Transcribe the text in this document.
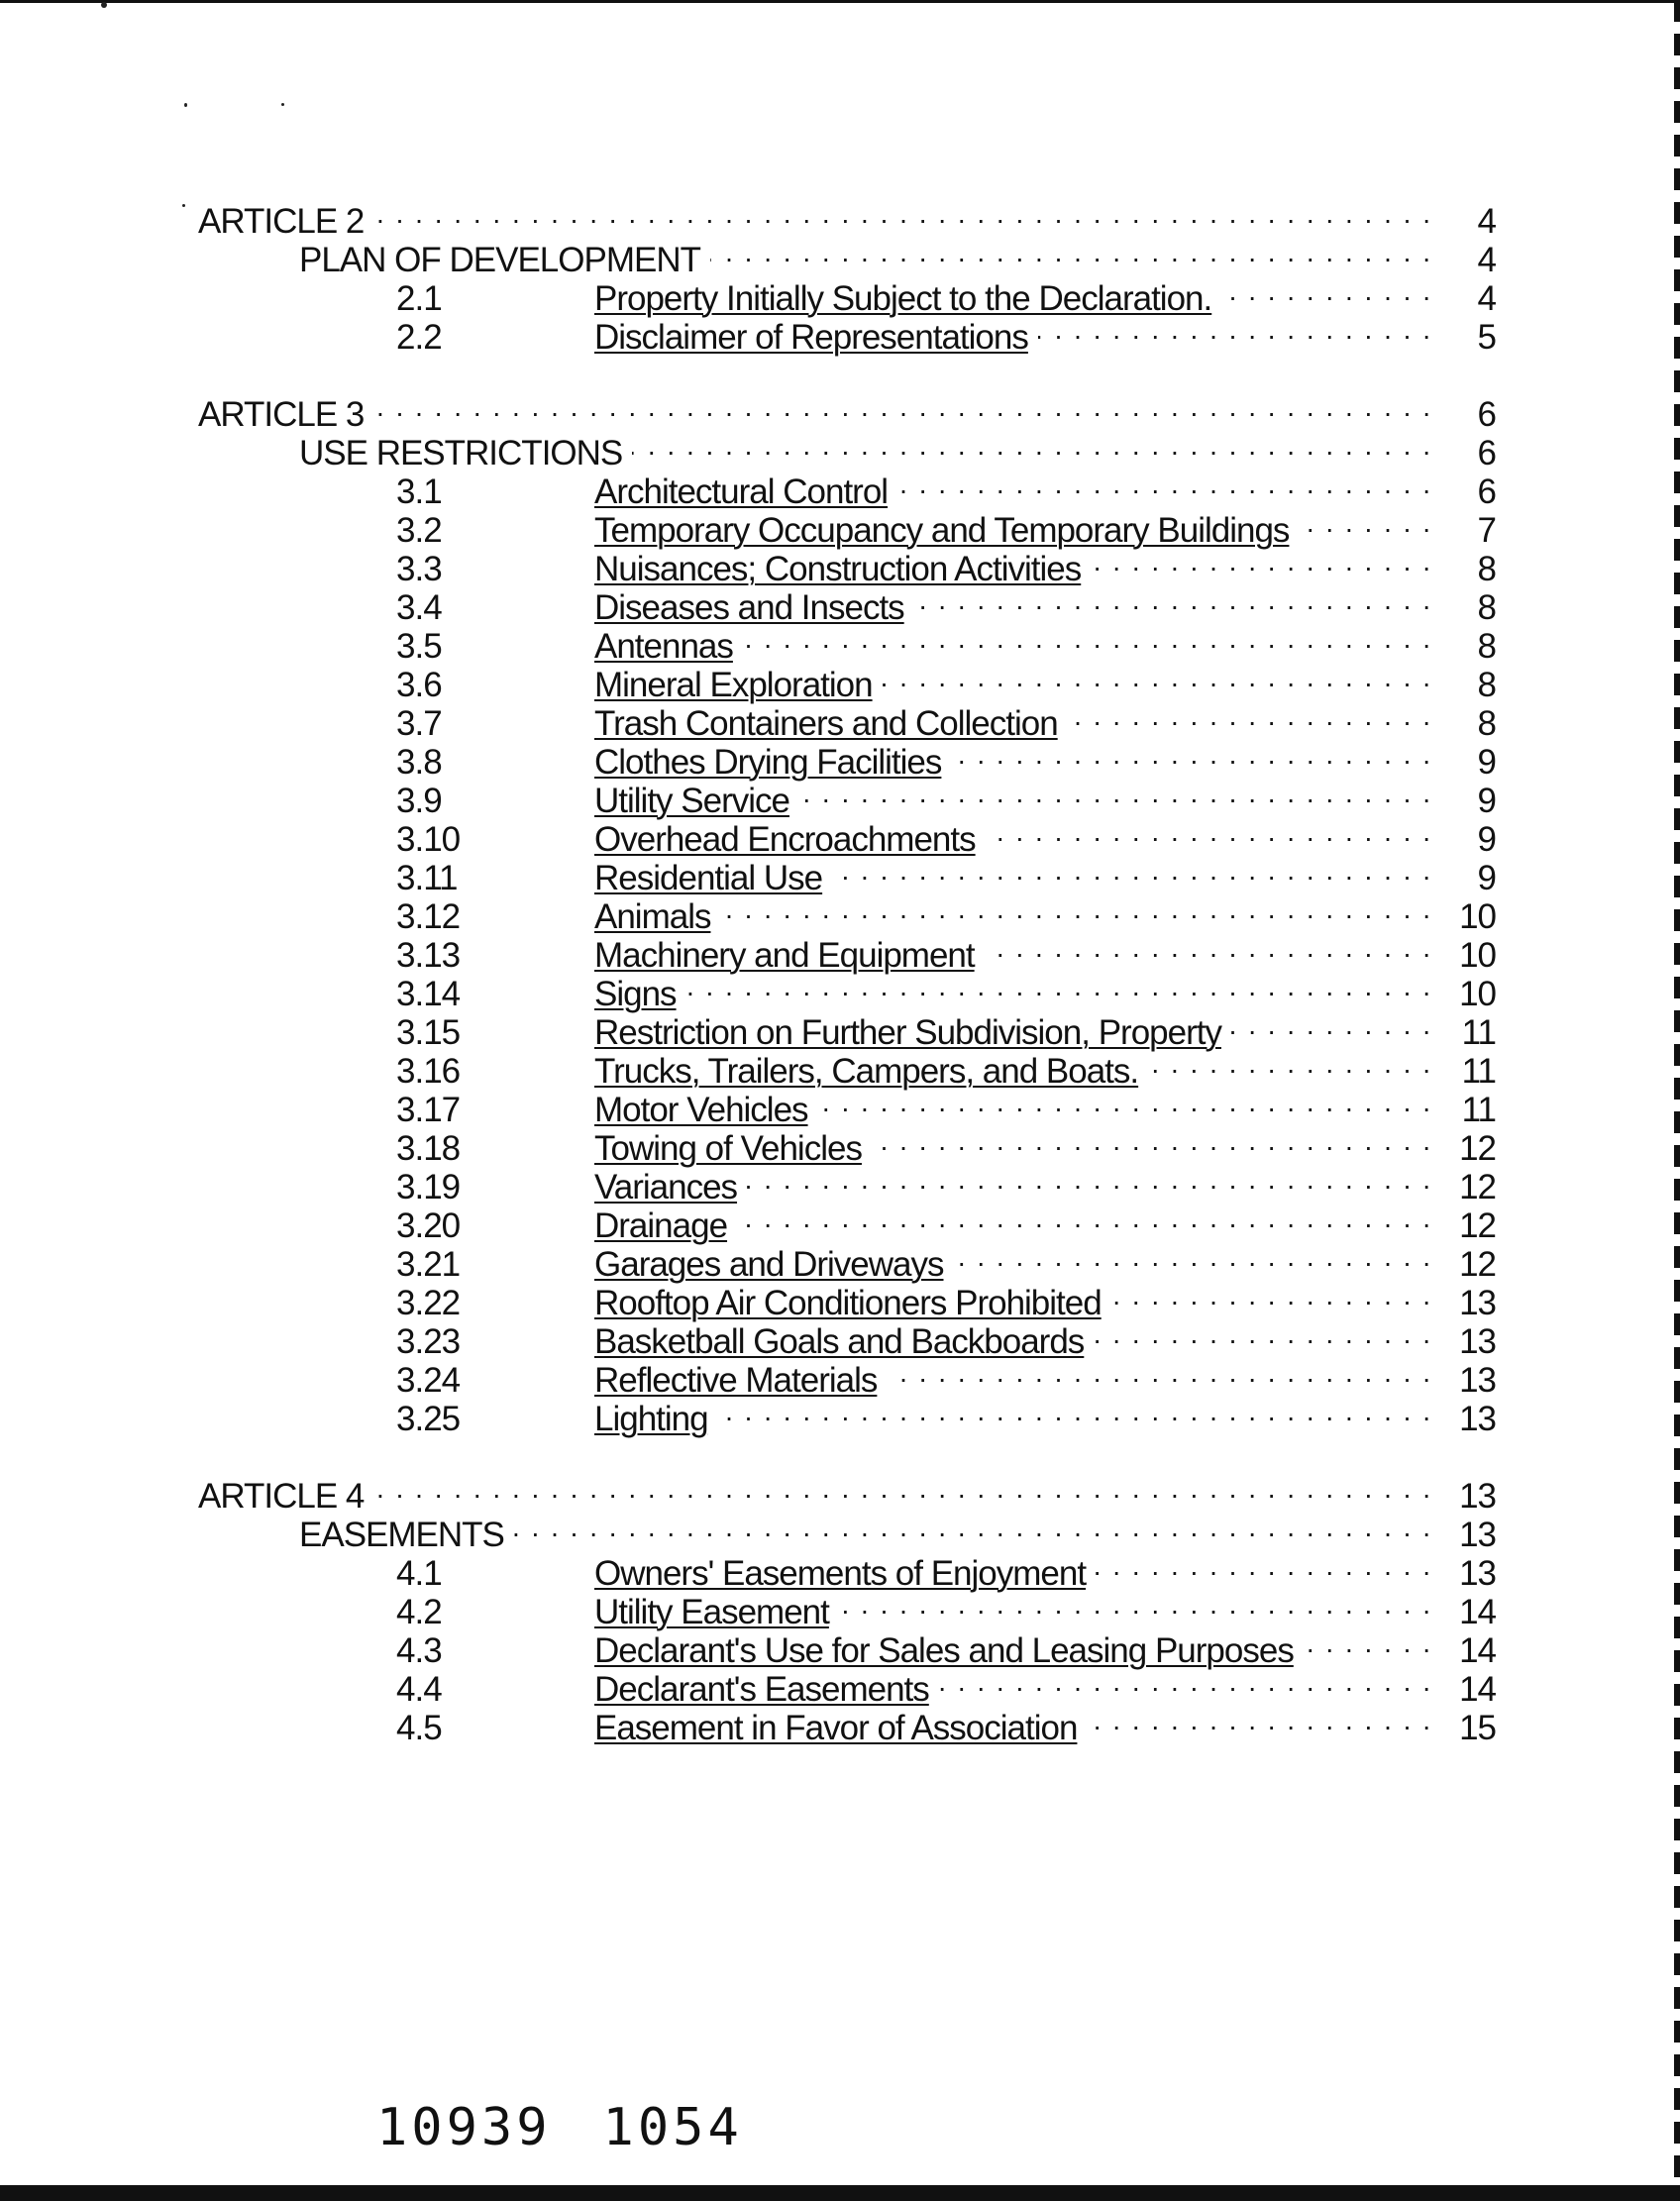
ARTICLE 2 . . .	4
PLAN OF DEVELOPMENT . . .	4
2.1	Property Initially Subject to the Declaration. . . .	4
2.2	Disclaimer of Representations . . .	5
ARTICLE 3 . . .	6
USE RESTRICTIONS . . .	6
3.1	Architectural Control . . .	6
3.2	Temporary Occupancy and Temporary Buildings . . .	7
3.3	Nuisances; Construction Activities . . .	8
3.4	Diseases and Insects . . .	8
3.5	Antennas . . .	8
3.6	Mineral Exploration . . .	8
3.7	Trash Containers and Collection . . .	8
3.8	Clothes Drying Facilities . . .	9
3.9	Utility Service . . .	9
3.10	Overhead Encroachments . . .	9
3.11	Residential Use . . .	9
3.12	Animals . . .	10
3.13	Machinery and Equipment . . .	10
3.14	Signs . . .	10
3.15	Restriction on Further Subdivision, Property . . .	11
3.16	Trucks, Trailers, Campers, and Boats. . . .	11
3.17	Motor Vehicles . . .	11
3.18	Towing of Vehicles . . .	12
3.19	Variances . . .	12
3.20	Drainage . . .	12
3.21	Garages and Driveways . . .	12
3.22	Rooftop Air Conditioners Prohibited . . .	13
3.23	Basketball Goals and Backboards . . .	13
3.24	Reflective Materials . . .	13
3.25	Lighting . . .	13
ARTICLE 4 . . .	13
EASEMENTS . . .	13
4.1	Owners' Easements of Enjoyment . . .	13
4.2	Utility Easement . . .	14
4.3	Declarant's Use for Sales and Leasing Purposes . . .	14
4.4	Declarant's Easements . . .	14
4.5	Easement in Favor of Association . . .	15
10939 1054
